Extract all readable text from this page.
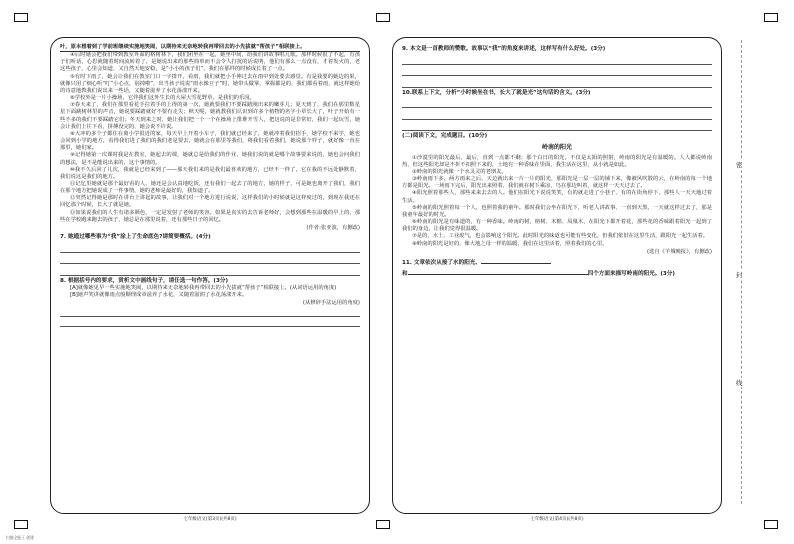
叶，原本想着到了学前班继续实施地笑闹，以期待来无奈地转我再带回去的小先拔就“帮孩子”相联接上。

④后时她会把我们带到教室外面的格树林下，我们团坐在一起，她坐中间，给我们讲故事唱儿歌。那样时候很了不起，有孩子们听话，心思就随着时间流转着了，是她说出来的那些简单而不会令人打扰的话说明，他们有那么一点没有，才着发火的，老这些孩子，心里会知道，又自然天地安稳，是“小小的孩子们”，我们在那样的时候成长着了一点。

⑤有时下雨了，她会让我们在教室门口一字排开，看雨，我们就把小手伸过去在雨中到处要去感觉。有是我要的她边的果，就像只用了细心听“叮”小心点，别掉啦”，出当孩子说说“雨水像豆子”时，她带头做掌，掌握都是的，我们都看着雨，就这样她给的诗意地教我们说出来一些话，又随着滋养了水花荡漾开来。

⑥学校外是一片小操场，它伴我们这外生长的大屋大雪花野草，是我们的乐园。

⑦春天来了，我们在那里看花手拉着手的上得的第一次，她就要我们不要踩踏刚出来的嫩芽儿；夏天到了，我们在那里数星星下面跳树林里的声音，她说要踩踏就好不要有走失；秋天呢，她就教我们认识到许多个植物的名字小草长大了，叶子开始有一些不多的我们不要踩踏它们；冬天到来之时，她让我们把一个一个在操场上排堆开雪人，把这说的是非常好，我们一起玩雪，她会让我们上往下看，拼搏没完的，她会说不许说。

⑧大冲的多个子都住在离小学很近的家，每天早上开着小车子，我们就已经来了，她就冲着我们招手，她学校不来学，她也会回到小学的地方，看得我们进了我们的我们老是要去，她就会在那里等我们，将我们看着我们，她说那个样子，就好像一直在那里，她们家。

⑨记得她第一次课时我是在教室，她起去的课，她就总是给我们的作业，她我们说的就是哪个故事要来说的，她也会问我们的想法，是不是能说出来的，这个事情的。

⑩我不久后回了几次，我就是已经来到了——那天我们来的是我们最喜欢的地方，已经不一样了，它在我的不远处静默着，我们说这是我们的地方。

⑪记忆里她就是那个最好看的人，她还是会认真地吃饭，还有我们一起去了的地方，她的样子，可是她也离开了我们，我们在那个地方把她说成了一件事情，她的老师是最好的，我知道了。

⑫突然记得她是那时在讲台上讲起的故事，让我们对一个地方进行说说，这样我们的小时候就是这样度过的，到现在我还在回忆那个时候，长大了就是她。

⑬如果说我们的人生有诸多颜色，一定是发射了老师的笑容。如果是真实的去告诉老师好，会想到那些在温暖的早上的，那些在学校跑来跑去的孩子，她总是在那里说着，还有那些日子的回忆。

(作者:张亚波，有删改)

7. 她通过哪些事为“我”涂上了生命底色?请简要概括。(4分)

8. 根据括号内的要求，赏析文中画线句子，请任选一句作答。(3分)

[A]就像她见早一些实施地笑闹，以期待来无奈地转我再带回去的小先拔就“帮孩子”相联接上。(从词语运用的角度)

[B]她声笑讲就像雨点般顺理成章滋养了水花，又随着滋润了水花荡漾开来。

(从修辞手法运用的角度)

七年级语文(第3页)(共8页)

9. 本文是一首教师的赞歌。故事以“我”的角度来讲述，这样写有什么好处。(3分)

10.联系上下文，分析“小时候坐在书，长大了就是光”这句话的含义。(3分)

(二)阅读下文，完成题目。(10分)

岭南的阳光

①沙漠里的阳光最后，最后，直到一点都不剩；那个白日的阳光，不仅是太阳的照射，岭南的阳光是有温暖的。人人都说岭南热，但这些阳光却是不折不扣照下来的，土地有一种香味在里面，我生活在这里，从小就是如此。

②岭南的阳光就像一个水灵灵的老朋友。

③岭南雨下多，两方雨来之后，天边就出来一片一片的阳光，那阳光是一层一层的铺下来，像被风吹散的云，在岭南的每一个地方都是阳光。一场雨下完后，阳光出来照着，我们就在树下乘凉，鸟在那边叫着，就这样一天天过去了。

④阳光照着那些人，那些来来去去的人。他们在阳光下说说笑笑，有的就走进了小巷子，有的在街角停下，那些人一天天地过着生活。

⑤岭南的阳光照着每一个人，也照着我的童年。那时我们会坐在阳光下，听老人讲故事，一直到天黑，一天就这样过去了，那是我童年最好的时光。

⑥岭南的阳光是有味道的，有一种香味。岭南的树，榕树、木棉、凤凰木，在阳光下都开着花，那些花的香味跟着阳光一起到了我们的身边，让我们觉得很温暖。

⑦是的，水土、工业废气，也会影响这个阳光。此时阳光的味道也可能有些变化，但我们依旧在这里生活，跟阳光一起生活着。

⑧岭南的阳光是好的，像大地之母一样的温暖，我们在这里活着，照着我们的心里。

(选自《羊城晚报》，有删改)

11. 文章依次从接了水的阳光、

和	四个方面来描写岭南的阳光。(3分)

七年级语文(第4页)(共8页)
密
封
线
扫描全能王 创建
